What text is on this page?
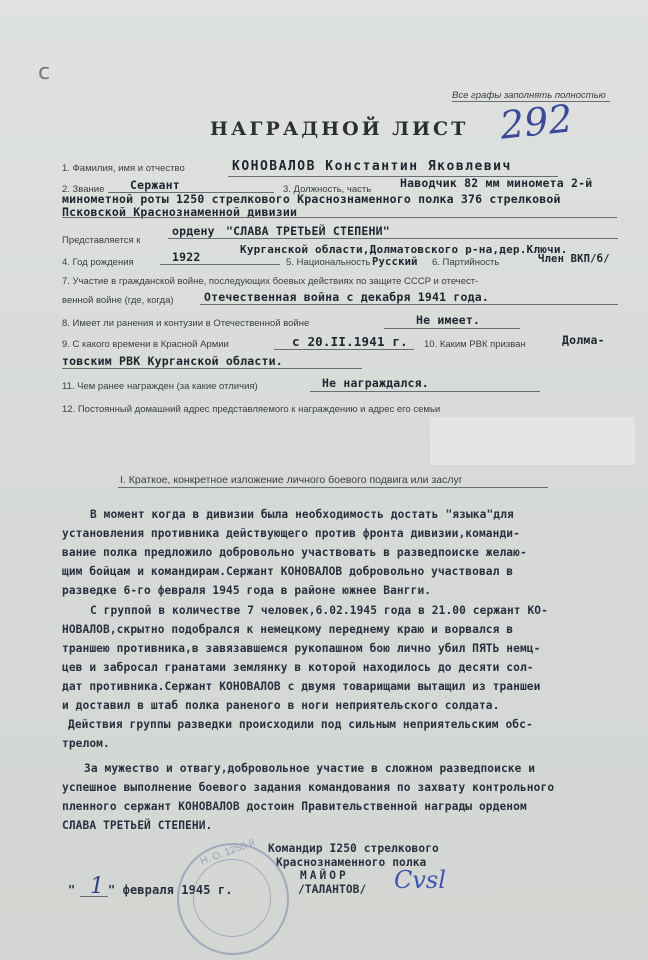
c
Все графы заполнять полностью
НАГРАДНОЙ ЛИСТ 292
1. Фамилия, имя и отчество	КОНОВАЛОВ Константин Яковлевич
2. Звание Сержант	3. Должность, часть	Наводчик 82 мм миномета 2-й
минометной роты 1250 стрелкового Краснознаменного полка 376 стрелковой
Псковской Краснознаменной дивизии
Представляется к
ордену "СЛАВА ТРЕТЬЕЙ СТЕПЕНИ"
4. Год рождения	1922
Курганской области,Долматовского р-на,дер.Ключи.
5. Национальность Русский 6. Партийность	Член ВКП/б/
7. Участие в гражданской войне, последующих боевых действиях по защите СССР и отечест-
венной войне (где, когда)	Отечественная война с декабря 1941 года.
8. Имеет ли ранения и контузии в Отечественной войне	Не имеет.
9. С какого времени в Красной Армии	с 20.II.1941 г. 10. Каким РВК призван	Долма-
товским РВК Курганской области.
11. Чем ранее награжден (за какие отличия)	Не награждался.
12. Постоянный домашний адрес представляемого к награждению и адрес его семьи
I. Краткое, конкретное изложение личного боевого подвига или заслуг
В момент когда в дивизии была необходимость достать "языка"для
установления противника действующего против фронта дивизии,команди-
вание полка предложило добровольно участвовать в разведпоиске желаю-
щим бойцам и командирам.Сержант КОНОВАЛОВ добровольно участвовал в
разведке 6-го февраля 1945 года в районе южнее Вангги.
С группой в количестве 7 человек,6.02.1945 года в 21.00 сержант КО-
НОВАЛОВ,скрытно подобрался к немецкому переднему краю и ворвался в
траншею противника,в завязавшемся рукопашном бою лично убил ПЯТЬ немц-
цев и забросал гранатами землянку в которой находилось до десяти сол-
дат противника.Сержант КОНОВАЛОВ с двумя товарищами вытащил из траншеи
и доставил в штаб полка раненого в ноги неприятельского солдата.
Действия группы разведки происходили под сильным неприятельским обс-
трелом.
За мужество и отвагу,добровольное участие в сложном разведпоиске и
успешное выполнение боевого задания командования по захвату контрольного
пленного сержант КОНОВАЛОВ достоин Правительственной награды орденом
СЛАВА ТРЕТЬЕЙ СТЕПЕНИ.
Командир I250 стрелкового
Краснознаменного полка
МАЙОР
/ТАЛАНТОВ/ Сvsl
" 1 " февраля 1945 г.
Н. О. 1250-й
